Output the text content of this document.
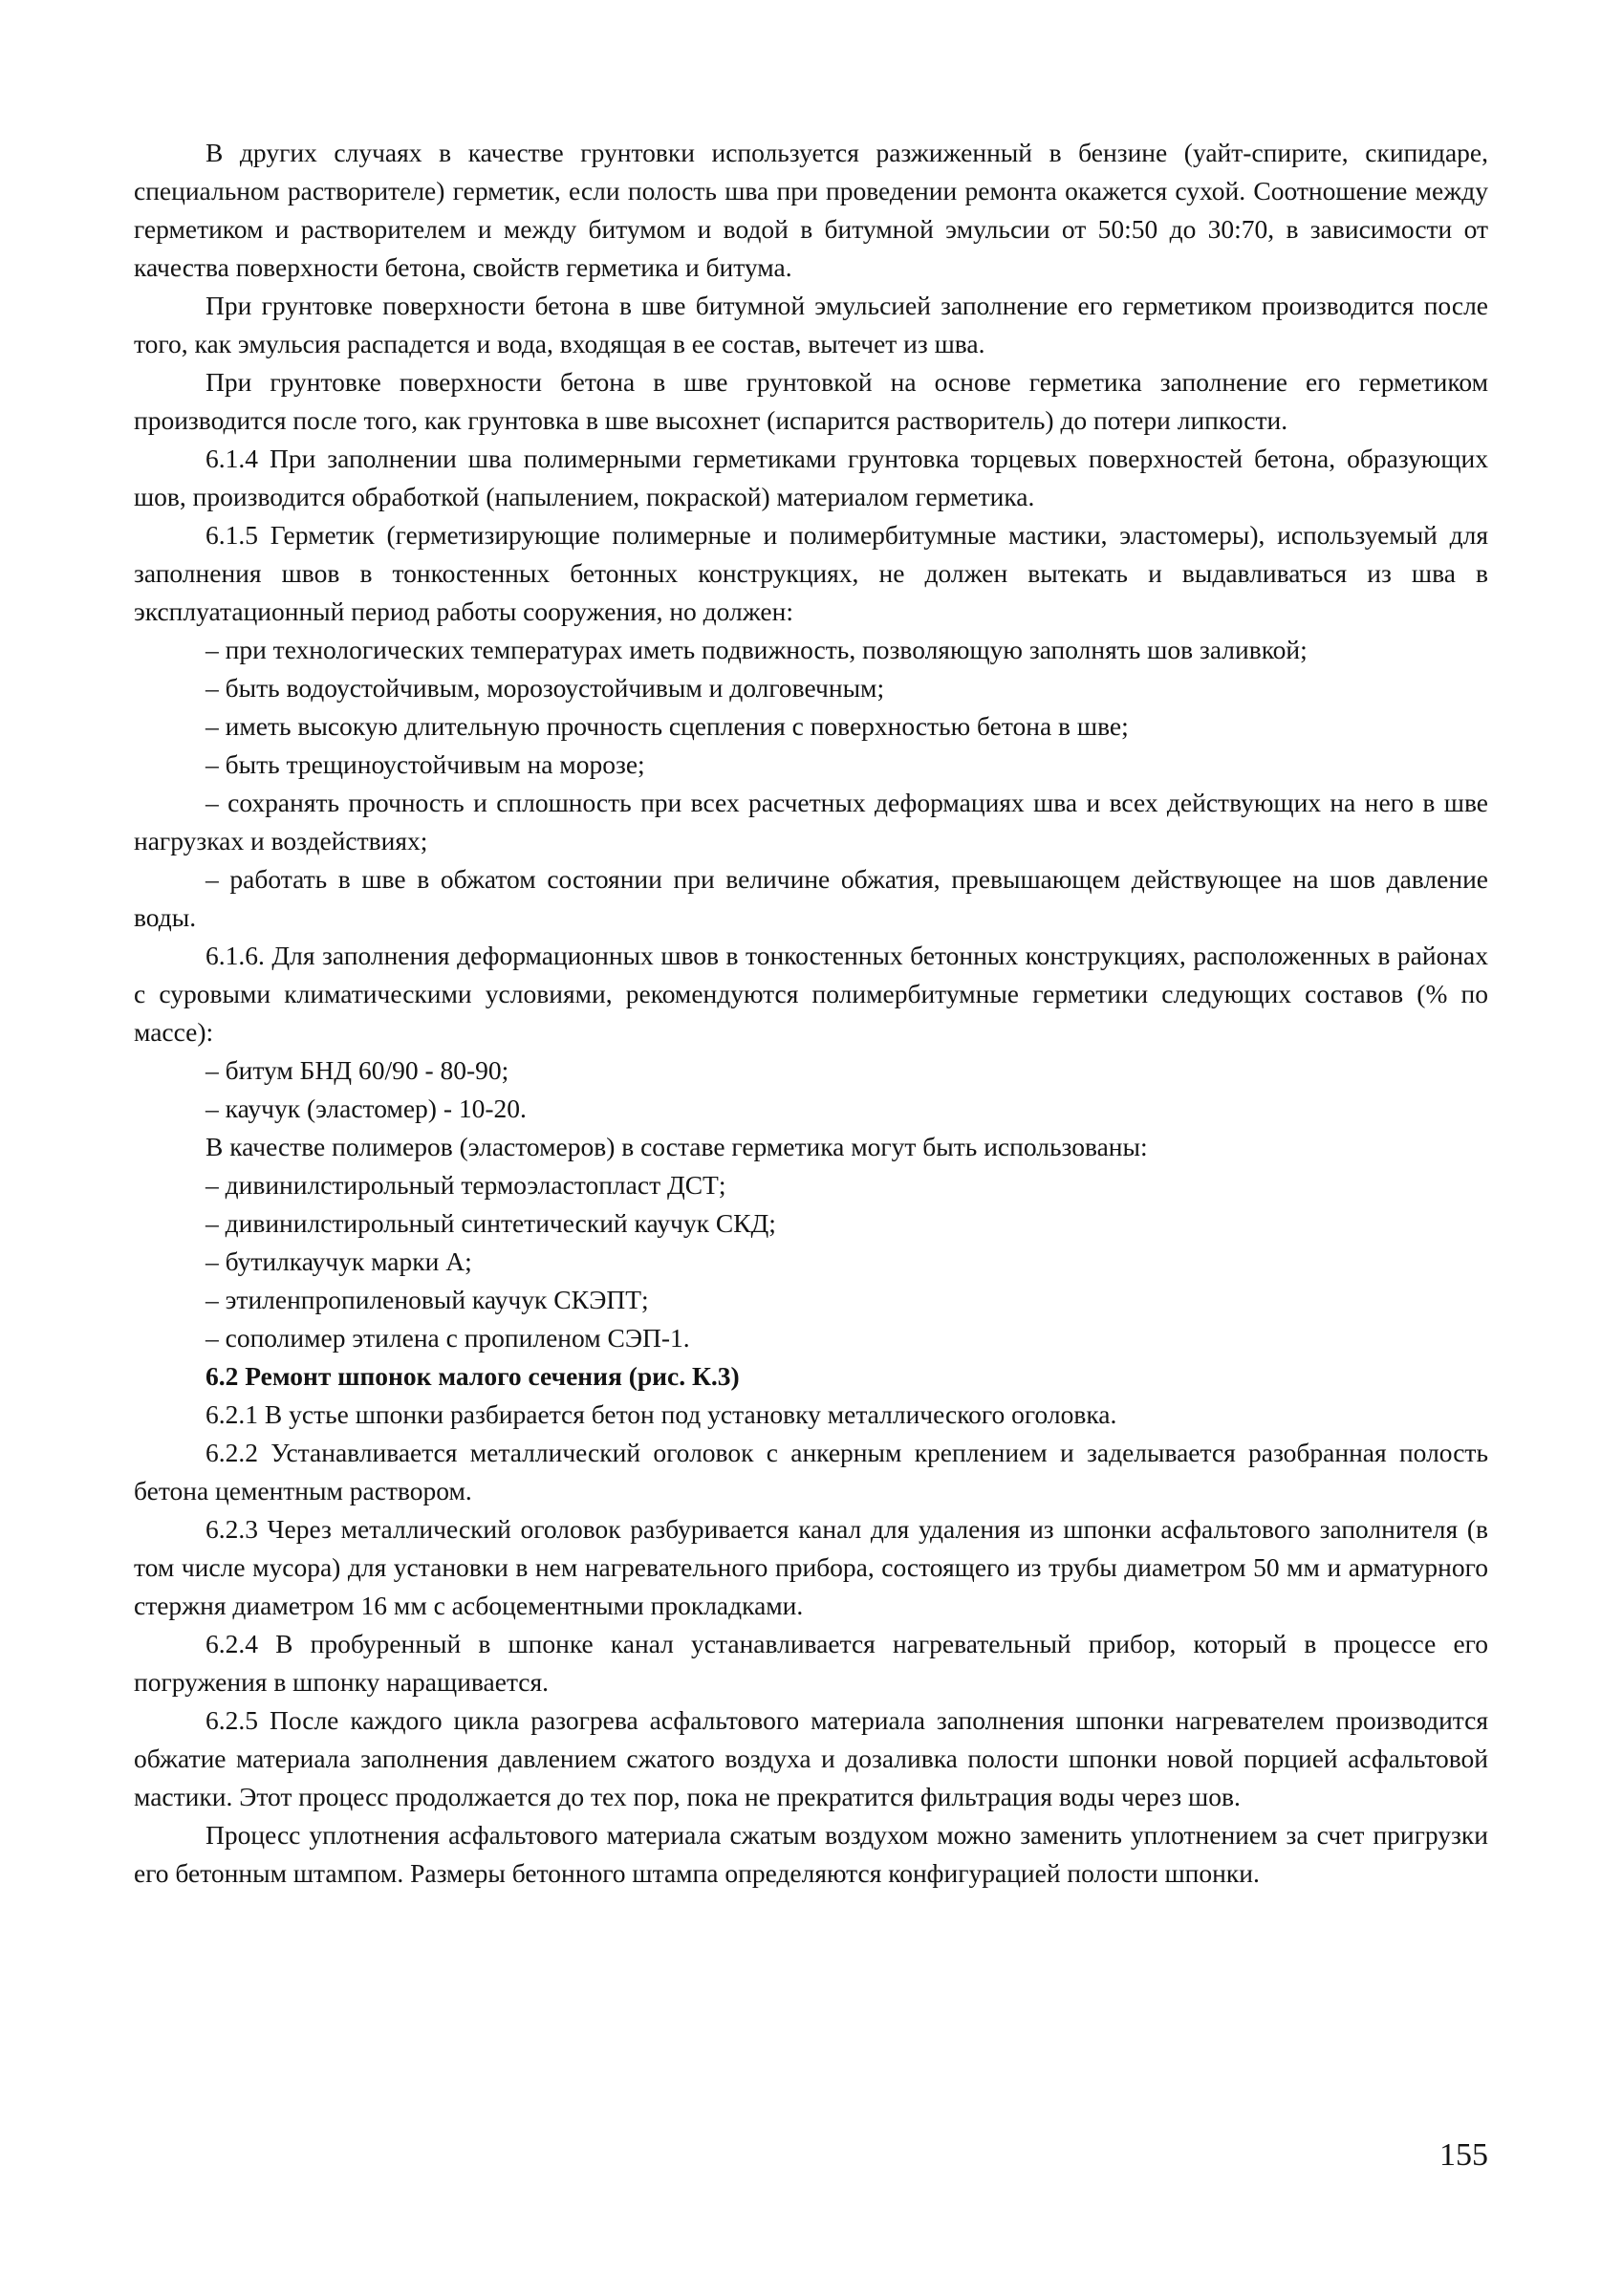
В других случаях в качестве грунтовки используется разжиженный в бензине (уайт-спирите, скипидаре, специальном растворителе) герметик, если полость шва при проведении ремонта окажется сухой. Соотношение между герметиком и растворителем и между битумом и водой в битумной эмульсии от 50:50 до 30:70, в зависимости от качества поверхности бетона, свойств герметика и битума.

При грунтовке поверхности бетона в шве битумной эмульсией заполнение его герметиком производится после того, как эмульсия распадется и вода, входящая в ее состав, вытечет из шва.

При грунтовке поверхности бетона в шве грунтовкой на основе герметика заполнение его герметиком производится после того, как грунтовка в шве высохнет (испарится растворитель) до потери липкости.

6.1.4 При заполнении шва полимерными герметиками грунтовка торцевых поверхностей бетона, образующих шов, производится обработкой (напылением, покраской) материалом герметика.

6.1.5 Герметик (герметизирующие полимерные и полимербитумные мастики, эластомеры), используемый для заполнения швов в тонкостенных бетонных конструкциях, не должен вытекать и выдавливаться из шва в эксплуатационный период работы сооружения, но должен:

– при технологических температурах иметь подвижность, позволяющую заполнять шов заливкой;

– быть водоустойчивым, морозоустойчивым и долговечным;

– иметь высокую длительную прочность сцепления с поверхностью бетона в шве;

– быть трещиноустойчивым на морозе;

– сохранять прочность и сплошность при всех расчетных деформациях шва и всех действующих на него в шве нагрузках и воздействиях;

– работать в шве в обжатом состоянии при величине обжатия, превышающем действующее на шов давление воды.

6.1.6. Для заполнения деформационных швов в тонкостенных бетонных конструкциях, расположенных в районах с суровыми климатическими условиями, рекомендуются полимербитумные герметики следующих составов (% по массе):

– битум БНД 60/90 - 80-90;

– каучук (эластомер) - 10-20.

В качестве полимеров (эластомеров) в составе герметика могут быть использованы:

– дивинилстирольный термоэластопласт ДСТ;

– дивинилстирольный синтетический каучук СКД;

– бутилкаучук марки А;

– этиленпропиленовый каучук СКЭПТ;

– сополимер этилена с пропиленом СЭП-1.

6.2 Ремонт шпонок малого сечения (рис. К.3)

6.2.1 В устье шпонки разбирается бетон под установку металлического оголовка.

6.2.2 Устанавливается металлический оголовок с анкерным креплением и заделывается разобранная полость бетона цементным раствором.

6.2.3 Через металлический оголовок разбуривается канал для удаления из шпонки асфальтового заполнителя (в том числе мусора) для установки в нем нагревательного прибора, состоящего из трубы диаметром 50 мм и арматурного стержня диаметром 16 мм с асбоцементными прокладками.

6.2.4 В пробуренный в шпонке канал устанавливается нагревательный прибор, который в процессе его погружения в шпонку наращивается.

6.2.5 После каждого цикла разогрева асфальтового материала заполнения шпонки нагревателем производится обжатие материала заполнения давлением сжатого воздуха и дозаливка полости шпонки новой порцией асфальтовой мастики. Этот процесс продолжается до тех пор, пока не прекратится фильтрация воды через шов.

Процесс уплотнения асфальтового материала сжатым воздухом можно заменить уплотнением за счет пригрузки его бетонным штампом. Размеры бетонного штампа определяются конфигурацией полости шпонки.

155
